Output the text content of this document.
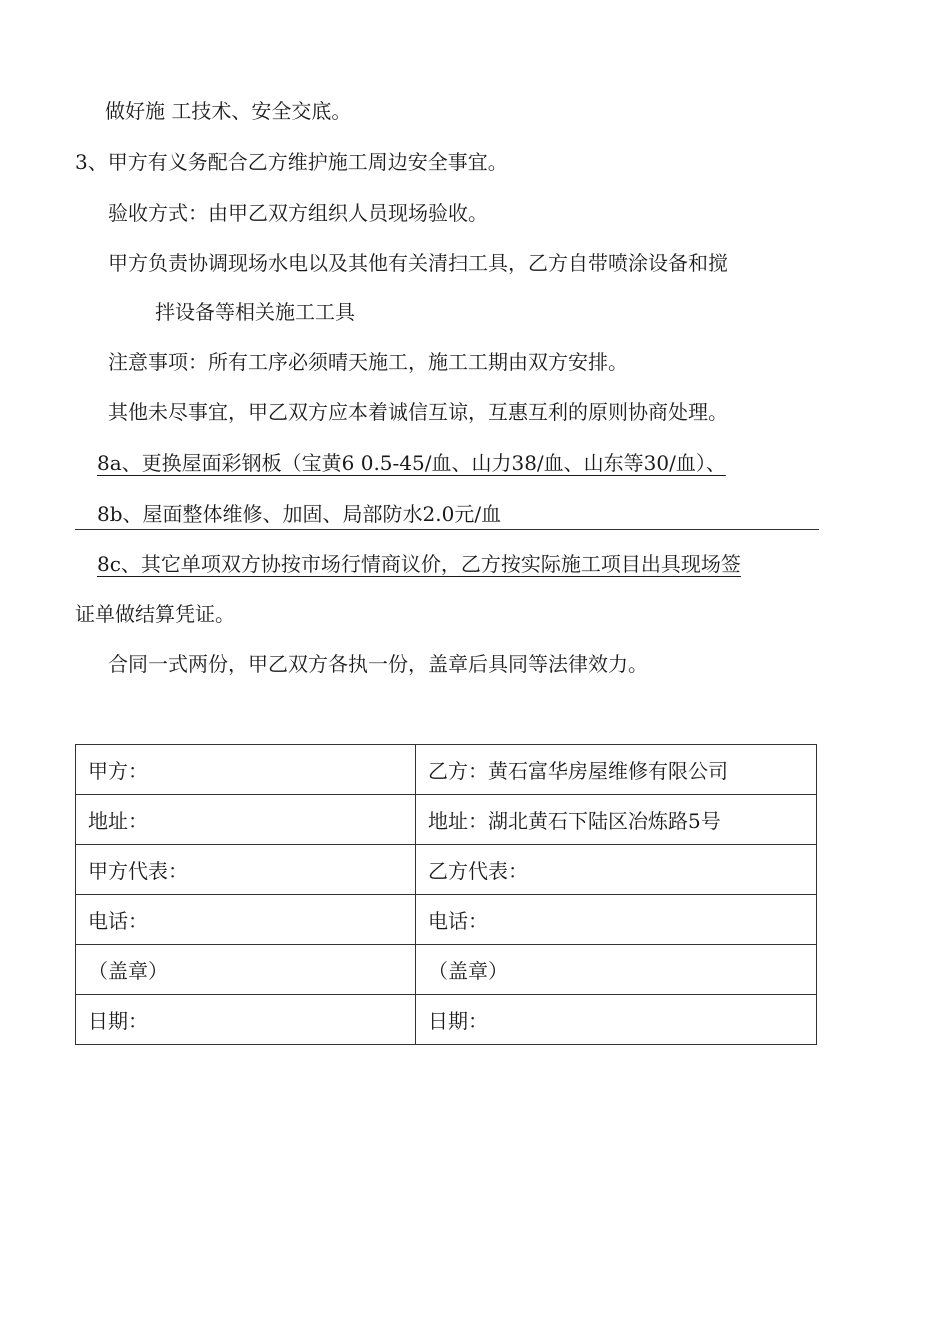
做好施 工技术、安全交底。
3、甲方有义务配合乙方维护施工周边安全事宜。
验收方式：由甲乙双方组织人员现场验收。
甲方负责协调现场水电以及其他有关清扫工具，乙方自带喷涂设备和搅
拌设备等相关施工工具
注意事项：所有工序必须晴天施工，施工工期由双方安排。
其他未尽事宜，甲乙双方应本着诚信互谅，互惠互利的原则协商处理。
8a、更换屋面彩钢板（宝黄6 0.5-45/血、山力38/血、山东等30/血）、
8b、屋面整体维修、加固、局部防水2.0元/血
8c、其它单项双方协按市场行情商议价，乙方按实际施工项目出具现场签
证单做结算凭证。
合同一式两份，甲乙双方各执一份，盖章后具同等法律效力。
甲方：	乙方：黄石富华房屋维修有限公司
地址：	地址：湖北黄石下陆区冶炼路5号
甲方代表：	乙方代表：
电话：	电话：
（盖章）	（盖章）
日期：	日期：
